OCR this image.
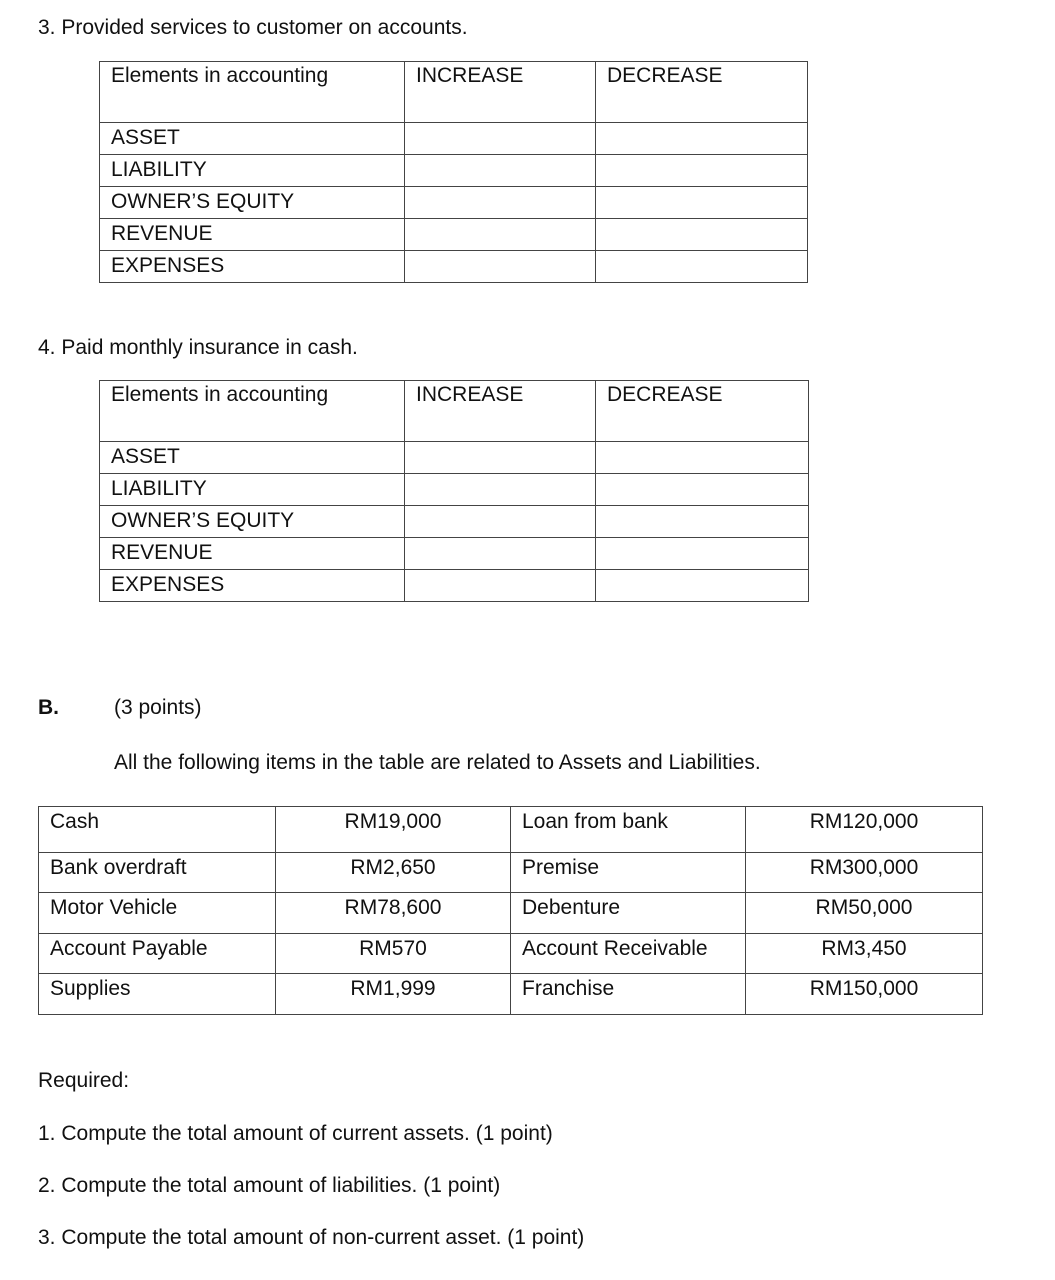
3. Provided services to customer on accounts.
Elements in accounting	INCREASE	DECREASE
ASSET		
LIABILITY		
OWNER’S EQUITY		
REVENUE		
EXPENSES		
4. Paid monthly insurance in cash.
Elements in accounting	INCREASE	DECREASE
ASSET		
LIABILITY		
OWNER’S EQUITY		
REVENUE		
EXPENSES		
B.	(3 points)
All the following items in the table are related to Assets and Liabilities.
Cash	RM19,000	Loan from bank	RM120,000
Bank overdraft	RM2,650	Premise	RM300,000
Motor Vehicle	RM78,600	Debenture	RM50,000
Account Payable	RM570	Account Receivable	RM3,450
Supplies	RM1,999	Franchise	RM150,000
Required:
1. Compute the total amount of current assets. (1 point)
2. Compute the total amount of liabilities. (1 point)
3. Compute the total amount of non-current asset. (1 point)
